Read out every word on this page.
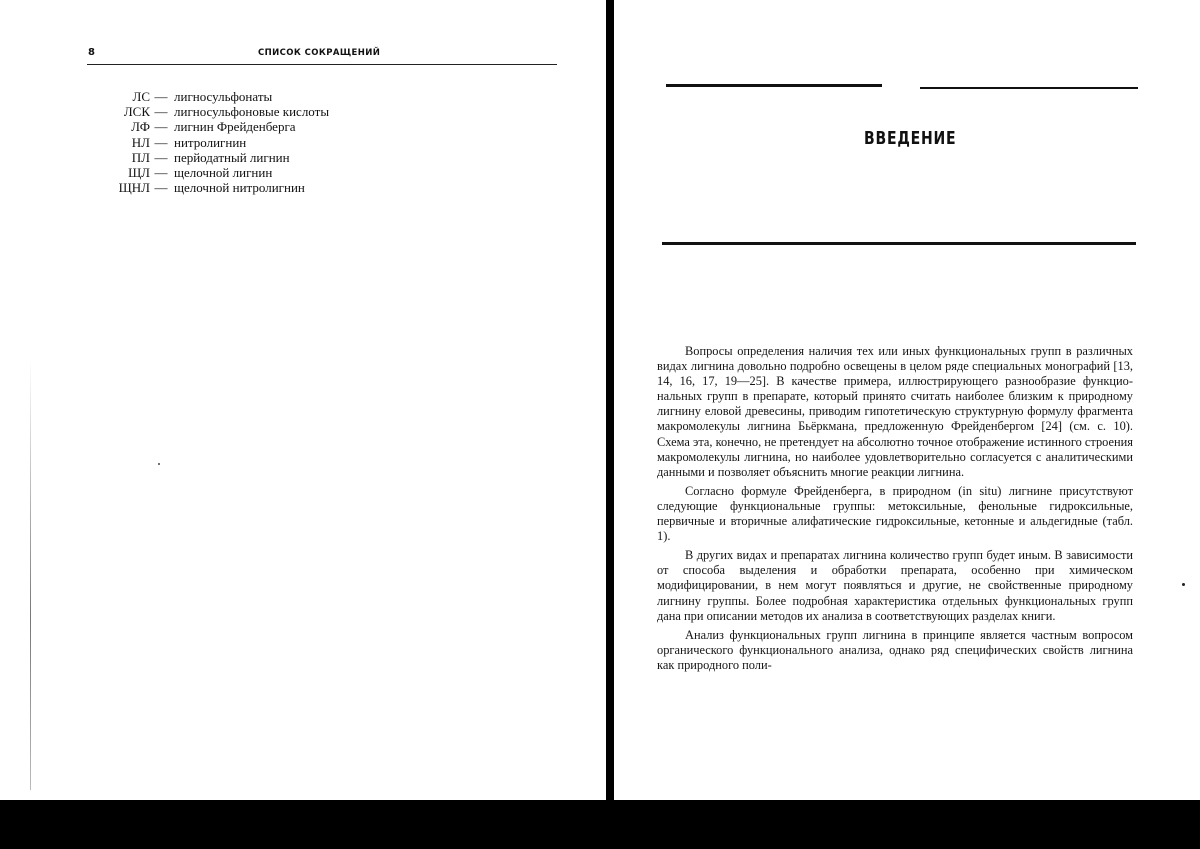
8	СПИСОК СОКРАЩЕНИЙ
ЛС — лигносульфонаты
ЛСК — лигносульфоновые кислоты
ЛФ — лигнин Фрейденберга
НЛ — нитролигнин
ПЛ — перйодатный лигнин
ЩЛ — щелочной лигнин
ЩНЛ — щелочной нитролигнин
ВВЕДЕНИЕ

Вопросы определения наличия тех или иных функциональных групп в различных видах лигнина довольно подробно освещены в целом ряде специальных монографий [13, 14, 16, 17, 19—25]. В качестве примера, иллюстрирующего разнообразие функциональных групп в препарате, который принято считать наиболее близким к природному лигнину еловой древесины, приводим гипотетическую структурную формулу фрагмента макромолекулы лигнина Бьёркмана, предложенную Фрейденбергом [24] (см. с. 10). Схема эта, конечно, не претендует на абсолютно точное отображение истинного строения макромолекулы лигнина, но наиболее удовлетворительно согласуется с аналитическими данными и позволяет объяснить многие реакции лигнина.

Согласно формуле Фрейденберга, в природном (in situ) лигнине присутствуют следующие функциональные группы: метоксильные, фенольные гидроксильные, первичные и вторичные алифатические гидроксильные, кетонные и альдегидные (табл. 1).

В других видах и препаратах лигнина количество групп будет иным. В зависимости от способа выделения и обработки препарата, особенно при химическом модифицировании, в нем могут появляться и другие, не свойственные природному лигнину группы. Более подробная характеристика отдельных функциональных групп дана при описании методов их анализа в соответствующих разделах книги.

Анализ функциональных групп лигнина в принципе является частным вопросом органического функционального анализа, однако ряд специфических свойств лигнина как природного поли-
